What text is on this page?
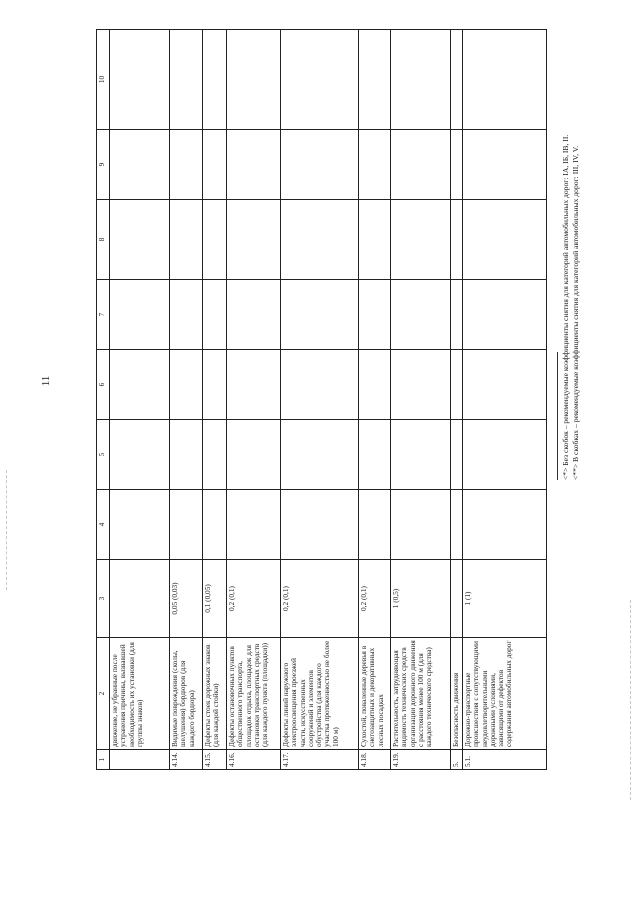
11
1	2	3	4	5	6	7	8	9	10
	движение, не убранные после устранения причины, вызвавшей необходимость их установки (для группы знаков)								
4.14.	Видимые повреждения (сколы, шелушения) бордюров (для каждого бордюра)	0,05 (0,03)							
4.15.	Дефекты стоек дорожных знаков (для каждой стойки)	0,1 (0,05)							
4.16.	Дефекты остановочных пунктов общественного транспорта, площадок отдыха, площадок для остановки транспортных средств (для каждого пункта (площадки))	0,2 (0,1)							
4.17.	Дефекты линий наружного электроосвещения проезжей части, искусственных сооружений и элементов обустройства (для каждого участка протяженностью не более 100 м)	0,2 (0,1)							
4.18.	Сухостой, поваленные деревья в снегозащитных и декоративных лесных посадках	0,2 (0,1)							
4.19.	Растительность, затрудняющая видимость технических средств организации дорожного движения с расстояния менее 100 м (для каждого технического средства)	1 (0,5)							
5.	Безопасность движения								
5.1.	Дорожно-транспортные происшествия с сопутствующими неудовлетворительными дорожными условиями, зависящими от дефектов содержания автомобильных дорог	1 (1)							
<*> Без скобок – рекомендуемые коэффициенты снятия для категорий автомобильных дорог: IA, IБ, IB, II. <**> В скобках – рекомендуемые коэффициенты снятия для категорий автомобильных дорог: III, IV, V.
